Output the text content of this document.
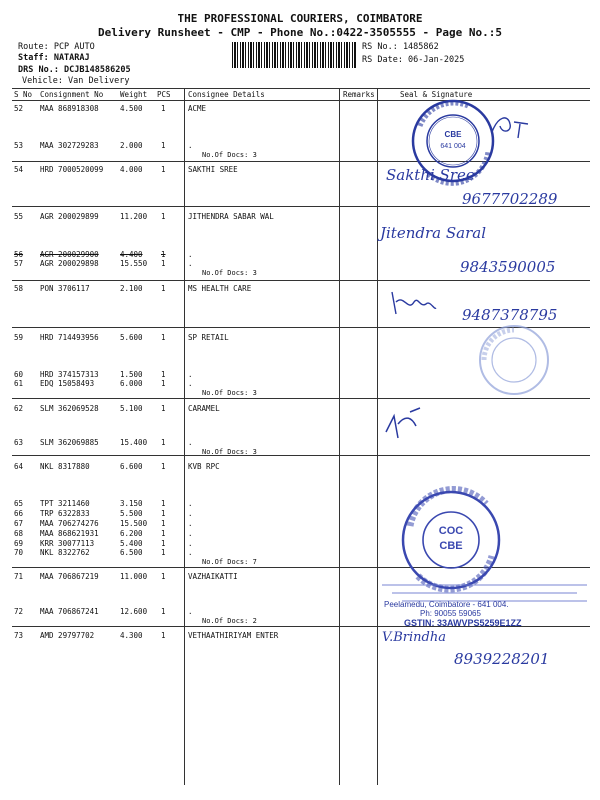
THE PROFESSIONAL COURIERS, COIMBATORE
Delivery Runsheet - CMP - Phone No.:0422-3505555 - Page No.:5
Route: PCP AUTO
Staff: NATARAJ
DRS No.: DCJB148586205
Vehicle: Van Delivery
RS No.: 1485862
RS Date: 06-Jan-2025
S No Consignment No Weight PCS Consignee Details	Remarks	Seal & Signature
52 MAA 868918308	4.500 1	ACME
53 MAA 302729283	2.000 1	.
No.Of Docs: 3
54 HRD 7000520099 4.000 1	SAKTHI SREE
55 AGR 200029899	11.200 1	JITHENDRA SABAR WAL
56 AGR 200029900	4.400 1	.
57 AGR 200029898	15.550 1	.
No.Of Docs: 3
58 PON 3706117	2.100 1	MS HEALTH CARE
59 HRD 714493956	5.600 1	SP RETAIL
60 HRD 374157313	1.500 1	.
61 EDQ 15058493	6.000 1	.
No.Of Docs: 3
62 SLM 362069528	5.100 1	CARAMEL
63 SLM 362069885	15.400 1	.
No.Of Docs: 3
64 NKL 8317880	6.600 1	KVB RPC
65 TPT 3211460	3.150 1	.
66 TRP 6322833	5.500 1	.
67 MAA 706274276	15.500 1	.
68 MAA 868621931	6.200 1	.
69 KRR 30077113	5.400 1	.
70 NKL 8322762	6.500 1	.
No.Of Docs: 7
71 MAA 706867219	11.000 1	VAZHAIKATTI
72 MAA 706867241	12.600 1	.
No.Of Docs: 2
73 AMD 29797702	4.300 1	VETHAATHIRIYAM ENTER
CBE
641 004
COC
CBE
Peelamedu, Coimbatore - 641 004.
Ph: 90055 59065
GSTIN: 33AWVPS5259E1ZZ
Sakthi Sree
9677702289
Jitendra Saral
9843590005
9487378795
V.Brindha
8939228201
